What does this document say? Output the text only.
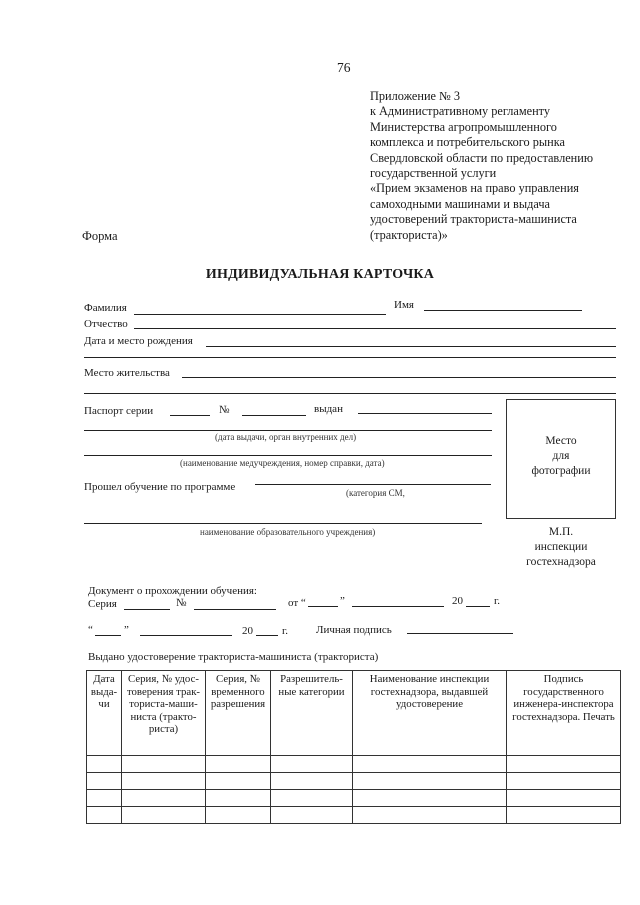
76
Приложение № 3
к Административному регламенту
Министерства агропромышленного
комплекса и потребительского рынка
Свердловской области по предоставлению
государственной услуги
«Прием экзаменов на право управления
самоходными машинами и выдача
удостоверений тракториста-машиниста
(тракториста)»
Форма
ИНДИВИДУАЛЬНАЯ КАРТОЧКА
Фамилия	Имя
Отчество
Дата и место рождения
Место жительства
Паспорт серии	№	выдан
(дата выдачи, орган внутренних дел)
(наименование медучреждения, номер справки, дата)
Прошел обучение по программе	(категория СМ,
наименование образовательного учреждения)
Место
для
фотографии
М.П.
инспекции
гостехнадзора
Документ о прохождении обучения:
Серия	№	от “	”	20	г.
“	”	20	г.	Личная подпись
Выдано удостоверение тракториста-машиниста (тракториста)
Дата выда-чи	Серия, № удос-товерения трак-ториста-маши-ниста (тракто-риста)	Серия, № временного разрешения	Разрешитель-ные категории	Наименование инспекции гостехнадзора, выдавшей удостоверение	Подпись государственного инженера-инспектора гостехнадзора. Печать
